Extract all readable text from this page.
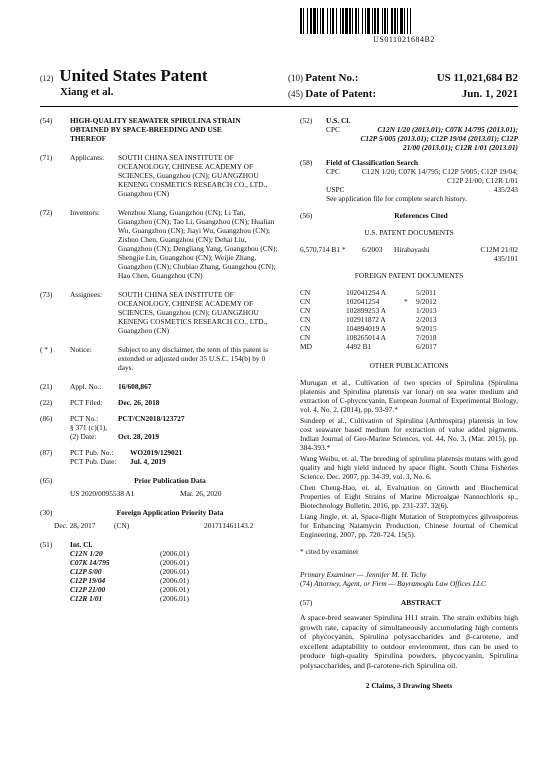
US011021684B2
(12) United States Patent
Xiang et al.
(10) Patent No.:	US 11,021,684 B2
(45) Date of Patent:	Jun. 1, 2021
(54)	HIGH-QUALITY SEAWATER SPIRULINA STRAIN OBTAINED BY SPACE-BREEDING AND USE THEREOF
(71)	Applicants:	SOUTH CHINA SEA INSTITUTE OF OCEANOLOGY, CHINESE ACADEMY OF SCIENCES, Guangzhou (CN); GUANGZHOU KENENG COSMETICS RESEARCH CO., LTD., Guangzhou (CN)
(72)	Inventors:	Wenzhou Xiang, Guangzhou (CN); Li Tan, Guangzhou (CN); Tao Li, Guangzhou (CN); Hualian Wu, Guangzhou (CN); Jiayi Wu, Guangzhou (CN); Zishuo Chen, Guangzhou (CN); Dehai Liu, Guangzhou (CN); Dengliang Yang, Guangzhou (CN); Shengjie Lin, Guangzhou (CN); Weijie Zhang, Guangzhou (CN); Chubiao Zhang, Guangzhou (CN); Hao Chen, Guangzhou (CN)
(73)	Assignees:	SOUTH CHINA SEA INSTITUTE OF OCEANOLOGY, CHINESE ACADEMY OF SCIENCES, Guangzhou (CN); GUANGZHOU KENENG COSMETICS RESEARCH CO., LTD., Guangzhou (CN)
( * )	Notice:	Subject to any disclaimer, the term of this patent is extended or adjusted under 35 U.S.C. 154(b) by 0 days.
(21)	Appl. No.:	16/608,867
(22)	PCT Filed:	Dec. 26, 2018
(86)	PCT No.:	PCT/CN2018/123727
§ 371 (c)(1),
(2) Date:	Oct. 28, 2019
(87)	PCT Pub. No.:	WO2019/129021
PCT Pub. Date:	Jul. 4, 2019
(65)	Prior Publication Data
US 2020/0095538 A1	Mar. 26, 2020
(30)	Foreign Application Priority Data
Dec. 28, 2017	(CN)	201711461143.2
(51)	Int. Cl.
C12N 1/20	(2006.01)
C07K 14/795	(2006.01)
C12P 5/00	(2006.01)
C12P 19/04	(2006.01)
C12P 21/00	(2006.01)
C12R 1/01	(2006.01)
(52)	U.S. Cl.
CPC	C12N 1/20 (2013.01); C07K 14/795 (2013.01); C12P 5/005 (2013.01); C12P 19/04 (2013.01); C12P 21/00 (2013.01); C12R 1/01 (2013.01)
(58)	Field of Classification Search
CPC	C12N 1/20; C07K 14/795; C12P 5/005; C12P 19/04; C12P 21/00; C12R 1/01
USPC	435/243
See application file for complete search history.
(56)	References Cited
U.S. PATENT DOCUMENTS
6,570,714 B1 *	6/2003	Hirabayashi	C12M 21/02
435/101
FOREIGN PATENT DOCUMENTS
CN	102041254 A	5/2011
CN	102041254	*	9/2012
CN	102899253 A	1/2013
CN	102911872 A	2/2013
CN	104894019 A	9/2015
CN	108265014 A	7/2018
MD	4492 B1	6/2017
OTHER PUBLICATIONS
Murugan et al., Cultivation of two species of Spirulina (Spirulina platensis and Spirulina platensis var lonar) on sea water medium and extraction of C-phycocyanin, European Journal of Experimental Biology, vol. 4, No. 2, (2014), pp. 93-97.*
Sundeep et al., Cultivation of Spirulina (Arthrospira) platensis in low cost seawater based medium for extraction of value added pigments. Indian Journal of Geo-Marine Sciences, vol. 44, No. 3, (Mar. 2015), pp. 384-393.*
Wang Weibu, et. al, The breeding of spirulina platensis mutans with good quality and high yield induced by space flight. South China Fisheries Science. Dec. 2007, pp. 34-39, vol. 3, No. 6.
Chen Cheng-Hao, et. al, Evaluation on Growth and Biochemical Properties of Eight Strains of Marine Microalgae Nannochloris sp., Biotechnology Bulletin, 2016, pp. 231-237, 32(6).
Liang Jingle, et. al, Space-flight Mutation of Streptomyces gilvosporeus for Enhancing Natamycin Production, Chinese Journal of Chemical Engineering, 2007, pp. 720-724, 15(5).
* cited by examiner
Primary Examiner — Jennifer M. H. Tichy
(74) Attorney, Agent, or Firm — Bayramoglu Law Offices LLC
(57)	ABSTRACT
A space-bred seawater Spirulina H11 strain. The strain exhibits high growth rate, capacity of simultaneously accumulating high contents of phycocyanin, Spirulina polysaccharides and β-carotene, and excellent adaptability to outdoor environment, thus can be used to produce high-quality Spirulina powders, phycocyanin, Spirulina polysaccharides, and β-carotene-rich Spirulina oil.
2 Claims, 3 Drawing Sheets
